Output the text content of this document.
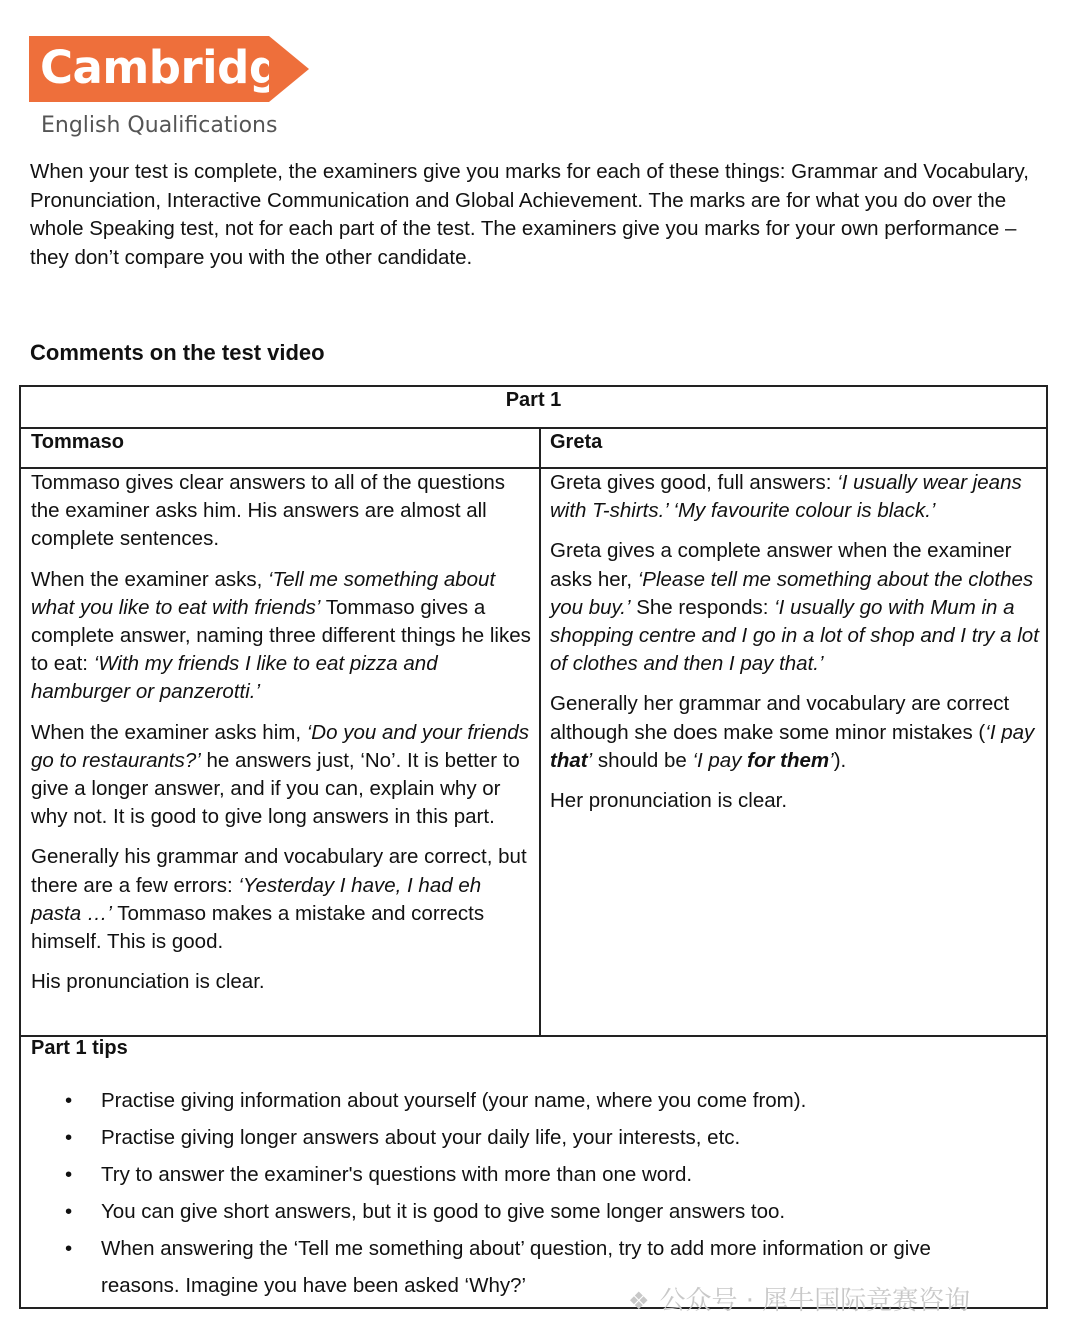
Cambridge
English Qualifications

When your test is complete, the examiners give you marks for each of these things: Grammar and Vocabulary, Pronunciation, Interactive Communication and Global Achievement. The marks are for what you do over the whole Speaking test, not for each part of the test. The examiners give you marks for your own performance – they don’t compare you with the other candidate.

Comments on the test video
Part 1
Tommaso	Greta

Tommaso gives clear answers to all of the questions the examiner asks him. His answers are almost all complete sentences.

When the examiner asks, ‘Tell me something about what you like to eat with friends’ Tommaso gives a complete answer, naming three different things he likes to eat: ‘With my friends I like to eat pizza and hamburger or panzerotti.’

When the examiner asks him, ‘Do you and your friends go to restaurants?’ he answers just, ‘No’. It is better to give a longer answer, and if you can, explain why or why not. It is good to give long answers in this part.

Generally his grammar and vocabulary are correct, but there are a few errors: ‘Yesterday I have, I had eh pasta …’ Tommaso makes a mistake and corrects himself. This is good.

His pronunciation is clear.

Greta gives good, full answers: ‘I usually wear jeans with T-shirts.’ ‘My favourite colour is black.’

Greta gives a complete answer when the examiner asks her, ‘Please tell me something about the clothes you buy.’ She responds: ‘I usually go with Mum in a shopping centre and I go in a lot of shop and I try a lot of clothes and then I pay that.’

Generally her grammar and vocabulary are correct although she does make some minor mistakes (‘I pay that’ should be ‘I pay for them’).

Her pronunciation is clear.

Part 1 tips
• Practise giving information about yourself (your name, where you come from).
• Practise giving longer answers about your daily life, your interests, etc.
• Try to answer the examiner's questions with more than one word.
• You can give short answers, but it is good to give some longer answers too.
• When answering the ‘Tell me something about’ question, try to add more information or give reasons. Imagine you have been asked ‘Why?’
❖ 公众号 · 犀牛国际竞赛咨询
